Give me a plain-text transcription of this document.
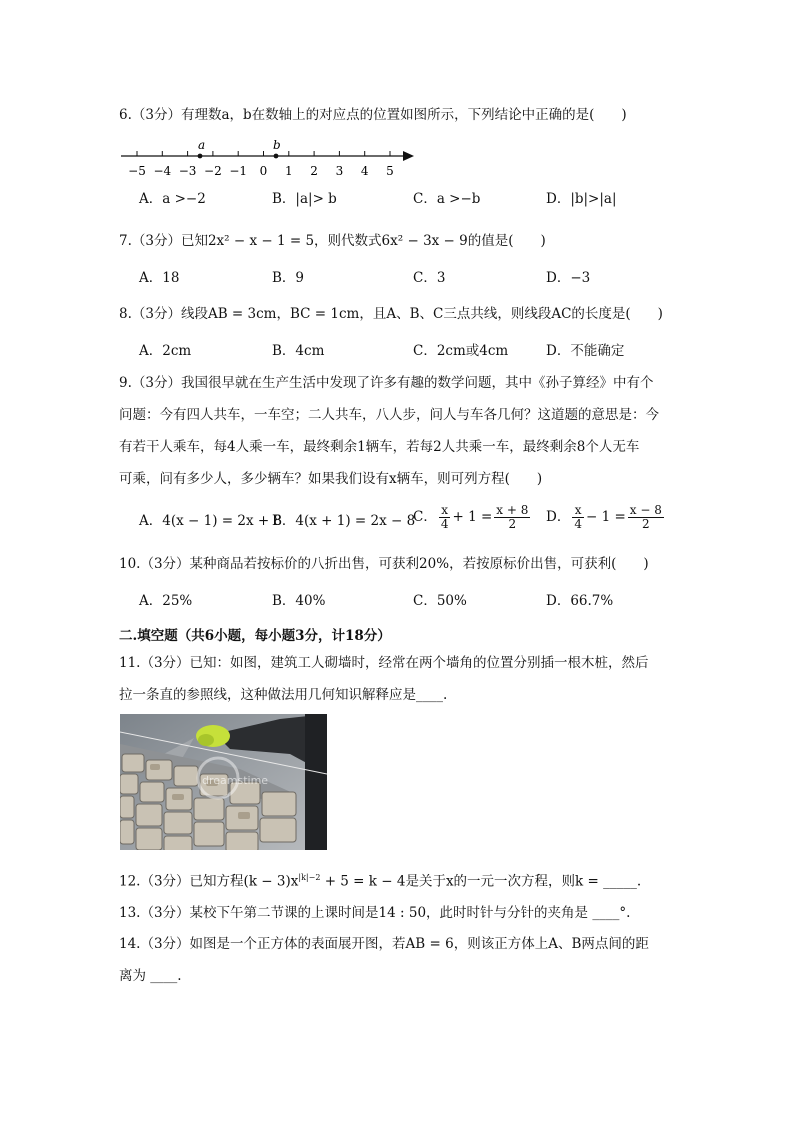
6.（3分）有理数a，b在数轴上的对应点的位置如图所示，下列结论中正确的是(　　)
−5 −4 −3 −2 −1 0 1 2 3 4 5
a	b
A．a >−2	B．|a|> b	C．a >−b	D．|b|>|a|
7.（3分）已知2x² − x − 1 = 5，则代数式6x² − 3x − 9的值是(　　)
A．18	B．9	C．3	D．−3
8.（3分）线段AB = 3cm，BC = 1cm，且A、B、C三点共线，则线段AC的长度是(　　)
A．2cm	B．4cm	C．2cm或4cm	D．不能确定
9.（3分）我国很早就在生产生活中发现了许多有趣的数学问题，其中《孙子算经》中有个
问题：今有四人共车，一车空；二人共车，八人步，问人与车各几何？这道题的意思是：今
有若干人乘车，每4人乘一车，最终剩余1辆车，若每2人共乘一车，最终剩余8个人无车
可乘，问有多少人，多少辆车？如果我们设有x辆车，则可列方程(　　)
A．4(x − 1) = 2x + 8
B．4(x + 1) = 2x − 8
C． $\frac{x}{4} + 1 = \frac{x + 8}{2}$ D． $\frac{x}{4} - 1 = \frac{x - 8}{2}$
10.（3分）某种商品若按标价的八折出售，可获利20%，若按原标价出售，可获利(　　)
A．25%	B．40%	C．50%	D．66.7%
二.填空题（共6小题，每小题3分，计18分）
11.（3分）已知：如图，建筑工人砌墙时，经常在两个墙角的位置分别插一根木桩，然后
拉一条直的参照线，这种做法用几何知识解释应是____.
dreamstime
12.（3分）已知方程$(k - 3)x^{|k|-2} + 5 = k - 4$是关于x的一元一次方程，则k = _____.
13.（3分）某校下午第二节课的上课时间是14 : 50，此时时针与分针的夹角是 ____°.
14.（3分）如图是一个正方体的表面展开图，若AB = 6，则该正方体上A、B两点间的距
离为 ____.
